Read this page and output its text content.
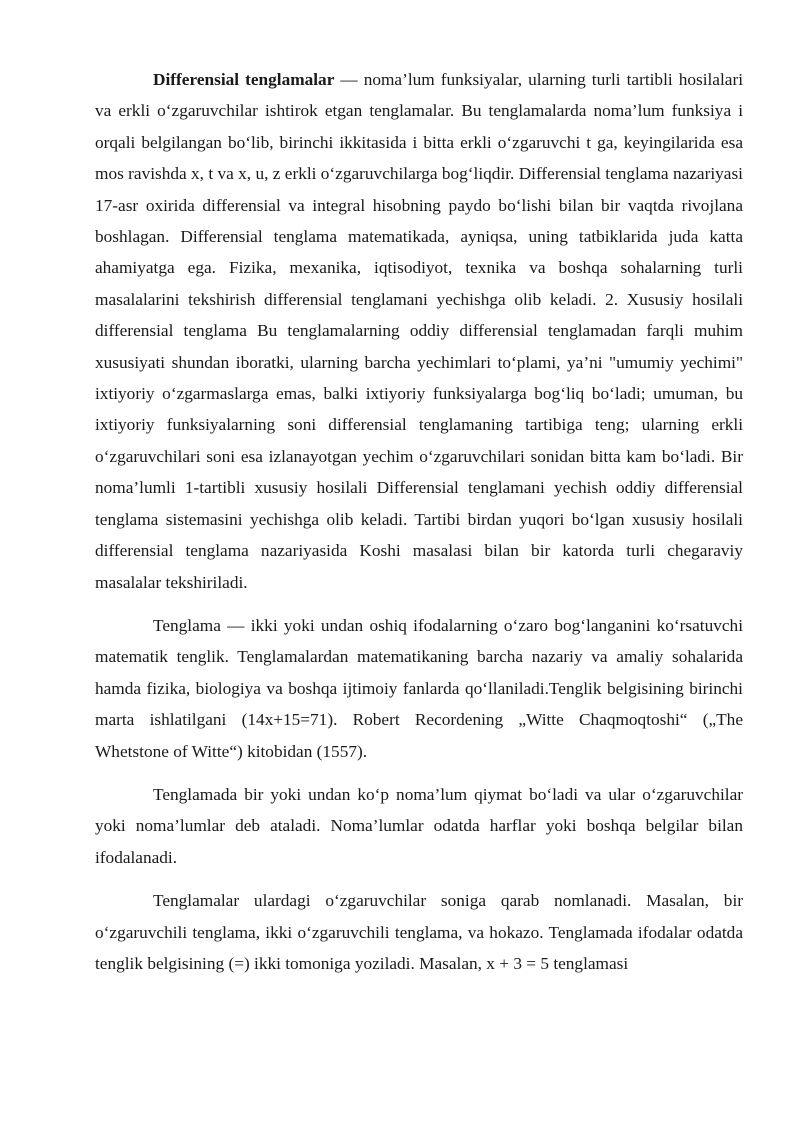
Differensial tenglamalar — noma’lum funksiyalar, ularning turli tartibli hosilalari va erkli o‘zgaruvchilar ishtirok etgan tenglamalar. Bu tenglamalarda noma’lum funksiya i orqali belgilangan bo‘lib, birinchi ikkitasida i bitta erkli o‘zgaruvchi t ga, keyingilarida esa mos ravishda x, t va x, u, z erkli o‘zgaruvchilarga bog‘liqdir. Differensial tenglama nazariyasi 17-asr oxirida differensial va integral hisobning paydo bo‘lishi bilan bir vaqtda rivojlana boshlagan. Differensial tenglama matematikada, ayniqsa, uning tatbiklarida juda katta ahamiyatga ega. Fizika, mexanika, iqtisodiyot, texnika va boshqa sohalarning turli masalalarini tekshirish differensial tenglamani yechishga olib keladi. 2. Xususiy hosilali differensial tenglama Bu tenglamalarning oddiy differensial tenglamadan farqli muhim xususiyati shundan iboratki, ularning barcha yechimlari to‘plami, ya’ni "umumiy yechimi" ixtiyoriy o‘zgarmaslarga emas, balki ixtiyoriy funksiyalarga bog‘liq bo‘ladi; umuman, bu ixtiyoriy funksiyalarning soni differensial tenglamaning tartibiga teng; ularning erkli o‘zgaruvchilari soni esa izlanayotgan yechim o‘zgaruvchilari sonidan bitta kam bo‘ladi. Bir noma’lumli 1-tartibli xususiy hosilali Differensial tenglamani yechish oddiy differensial tenglama sistemasini yechishga olib keladi. Tartibi birdan yuqori bo‘lgan xususiy hosilali differensial tenglama nazariyasida Koshi masalasi bilan bir katorda turli chegaraviy masalalar tekshiriladi.

Tenglama — ikki yoki undan oshiq ifodalarning o‘zaro bog‘langanini ko‘rsatuvchi matematik tenglik. Tenglamalardan matematikaning barcha nazariy va amaliy sohalarida hamda fizika, biologiya va boshqa ijtimoiy fanlarda qo‘llaniladi.Tenglik belgisining birinchi marta ishlatilgani (14x+15=71). Robert Recordening „Witte Chaqmoqtoshi“ („The Whetstone of Witte“) kitobidan (1557).

Tenglamada bir yoki undan ko‘p noma’lum qiymat bo‘ladi va ular o‘zgaruvchilar yoki noma’lumlar deb ataladi. Noma’lumlar odatda harflar yoki boshqa belgilar bilan ifodalanadi.

Tenglamalar ulardagi o‘zgaruvchilar soniga qarab nomlanadi. Masalan, bir o‘zgaruvchili tenglama, ikki o‘zgaruvchili tenglama, va hokazo. Tenglamada ifodalar odatda tenglik belgisining (=) ikki tomoniga yoziladi. Masalan, x + 3 = 5 tenglamasi
